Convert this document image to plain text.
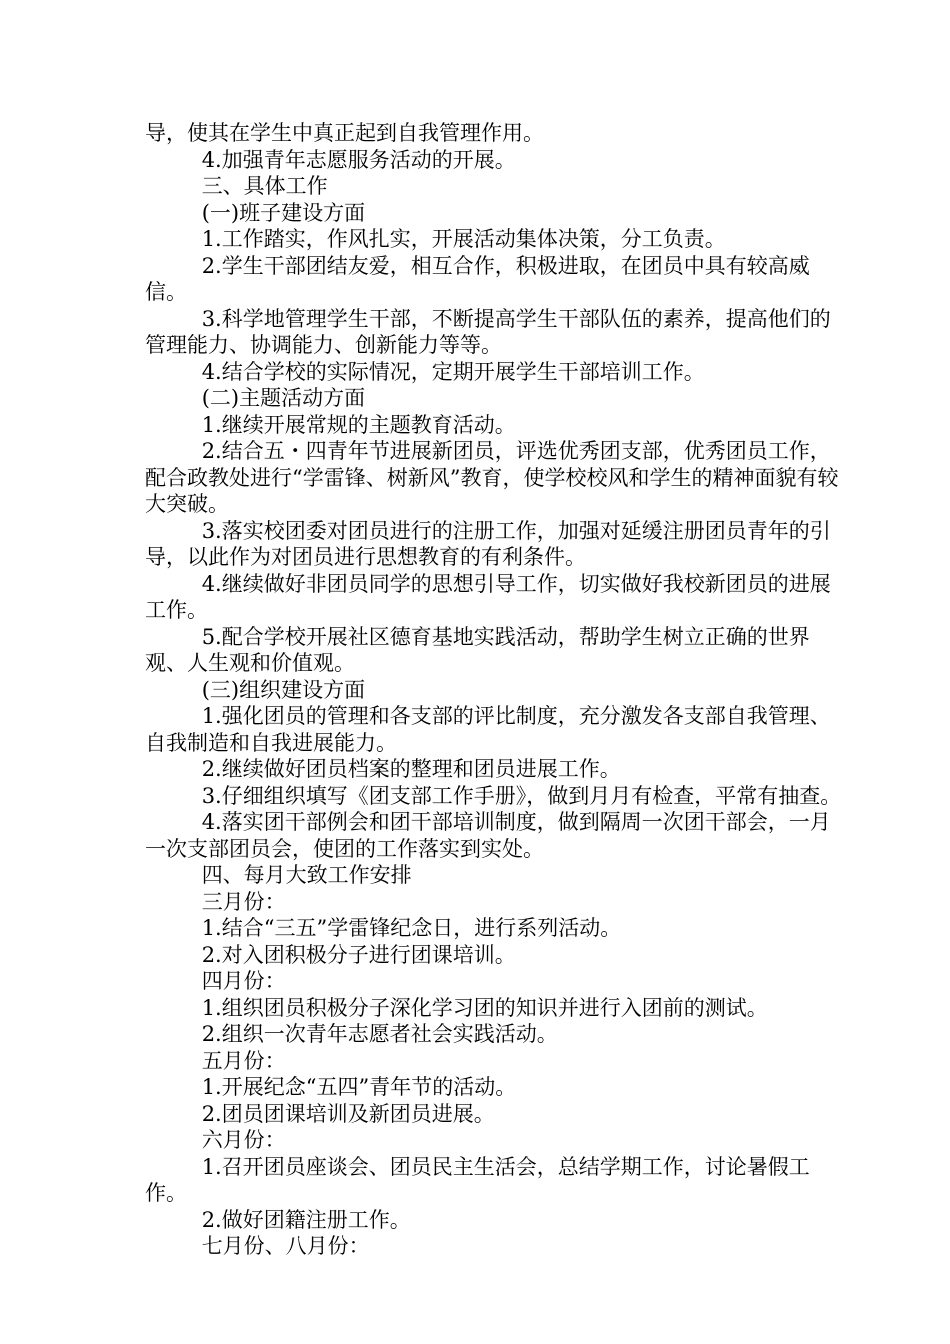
导，使其在学生中真正起到自我管理作用。

4.加强青年志愿服务活动的开展。

三、具体工作

(一)班子建设方面

1.工作踏实，作风扎实，开展活动集体决策，分工负责。

2.学生干部团结友爱，相互合作，积极进取，在团员中具有较高威信。

3.科学地管理学生干部，不断提高学生干部队伍的素养，提高他们的管理能力、协调能力、创新能力等等。

4.结合学校的实际情况，定期开展学生干部培训工作。

(二)主题活动方面

1.继续开展常规的主题教育活动。

2.结合五・四青年节进展新团员，评选优秀团支部，优秀团员工作，配合政教处进行“学雷锋、树新风”教育，使学校校风和学生的精神面貌有较大突破。

3.落实校团委对团员进行的注册工作，加强对延缓注册团员青年的引导，以此作为对团员进行思想教育的有利条件。

4.继续做好非团员同学的思想引导工作，切实做好我校新团员的进展工作。

5.配合学校开展社区德育基地实践活动，帮助学生树立正确的世界观、人生观和价值观。

(三)组织建设方面

1.强化团员的管理和各支部的评比制度，充分激发各支部自我管理、自我制造和自我进展能力。

2.继续做好团员档案的整理和团员进展工作。

3.仔细组织填写《团支部工作手册》，做到月月有检查，平常有抽查。

4.落实团干部例会和团干部培训制度，做到隔周一次团干部会，一月一次支部团员会，使团的工作落实到实处。

四、每月大致工作安排

三月份：

1.结合“三五”学雷锋纪念日，进行系列活动。

2.对入团积极分子进行团课培训。

四月份：

1.组织团员积极分子深化学习团的知识并进行入团前的测试。

2.组织一次青年志愿者社会实践活动。

五月份：

1.开展纪念“五四”青年节的活动。

2.团员团课培训及新团员进展。

六月份：

1.召开团员座谈会、团员民主生活会，总结学期工作，讨论暑假工作。

2.做好团籍注册工作。

七月份、八月份：
